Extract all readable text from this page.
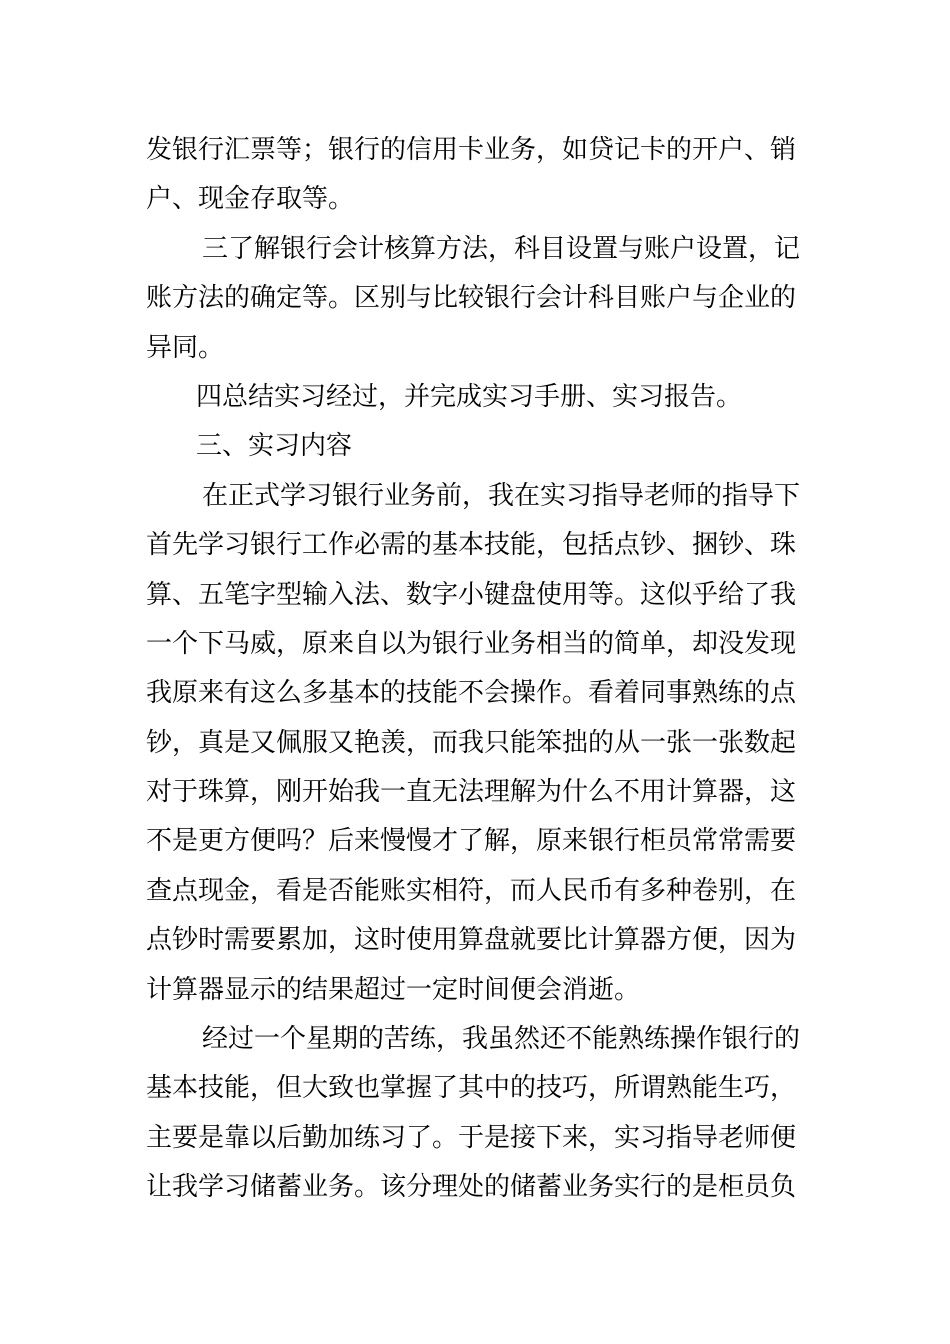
发银行汇票等；银行的信用卡业务，如贷记卡的开户、销
户、现金存取等。
三了解银行会计核算方法，科目设置与账户设置，记
账方法的确定等。区别与比较银行会计科目账户与企业的
异同。
四总结实习经过，并完成实习手册、实习报告。
三、实习内容
在正式学习银行业务前，我在实习指导老师的指导下
首先学习银行工作必需的基本技能，包括点钞、捆钞、珠
算、五笔字型输入法、数字小键盘使用等。这似乎给了我
一个下马威，原来自以为银行业务相当的简单，却没发现
我原来有这么多基本的技能不会操作。看着同事熟练的点
钞，真是又佩服又艳羡，而我只能笨拙的从一张一张数起
对于珠算，刚开始我一直无法理解为什么不用计算器，这
不是更方便吗？后来慢慢才了解，原来银行柜员常常需要
查点现金，看是否能账实相符，而人民币有多种卷别，在
点钞时需要累加，这时使用算盘就要比计算器方便，因为
计算器显示的结果超过一定时间便会消逝。
经过一个星期的苦练，我虽然还不能熟练操作银行的
基本技能，但大致也掌握了其中的技巧，所谓熟能生巧，
主要是靠以后勤加练习了。于是接下来，实习指导老师便
让我学习储蓄业务。该分理处的储蓄业务实行的是柜员负
